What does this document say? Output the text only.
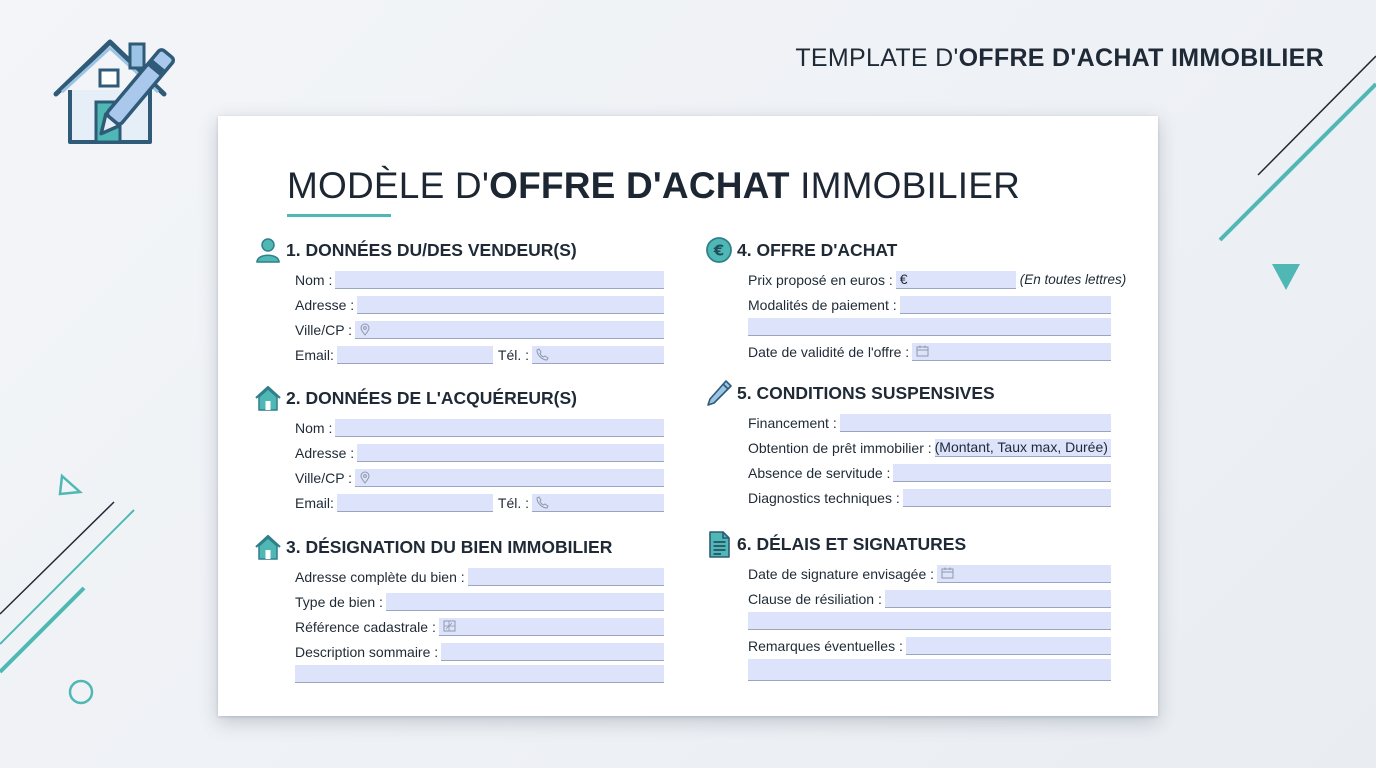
TEMPLATE D'OFFRE D'ACHAT IMMOBILIER
MODÈLE D'OFFRE D'ACHAT IMMOBILIER
1. DONNÉES DU/DES VENDEUR(S)
Nom :
Adresse :
Ville/CP :
Email:	Tél. :
2. DONNÉES DE L'ACQUÉREUR(S)
Nom :
Adresse :
Ville/CP :
Email:	Tél. :
3. DÉSIGNATION DU BIEN IMMOBILIER
Adresse complète du bien :
Type de bien :
Référence cadastrale :
Description sommaire :
€ 4. OFFRE D'ACHAT
Prix proposé en euros : €	(En toutes lettres)
Modalités de paiement :
Date de validité de l'offre :
5. CONDITIONS SUSPENSIVES
Financement :
Obtention de prêt immobilier : (Montant, Taux max, Durée)
Absence de servitude :
Diagnostics techniques :
6. DÉLAIS ET SIGNATURES
Date de signature envisagée :
Clause de résiliation :
Remarques éventuelles :
